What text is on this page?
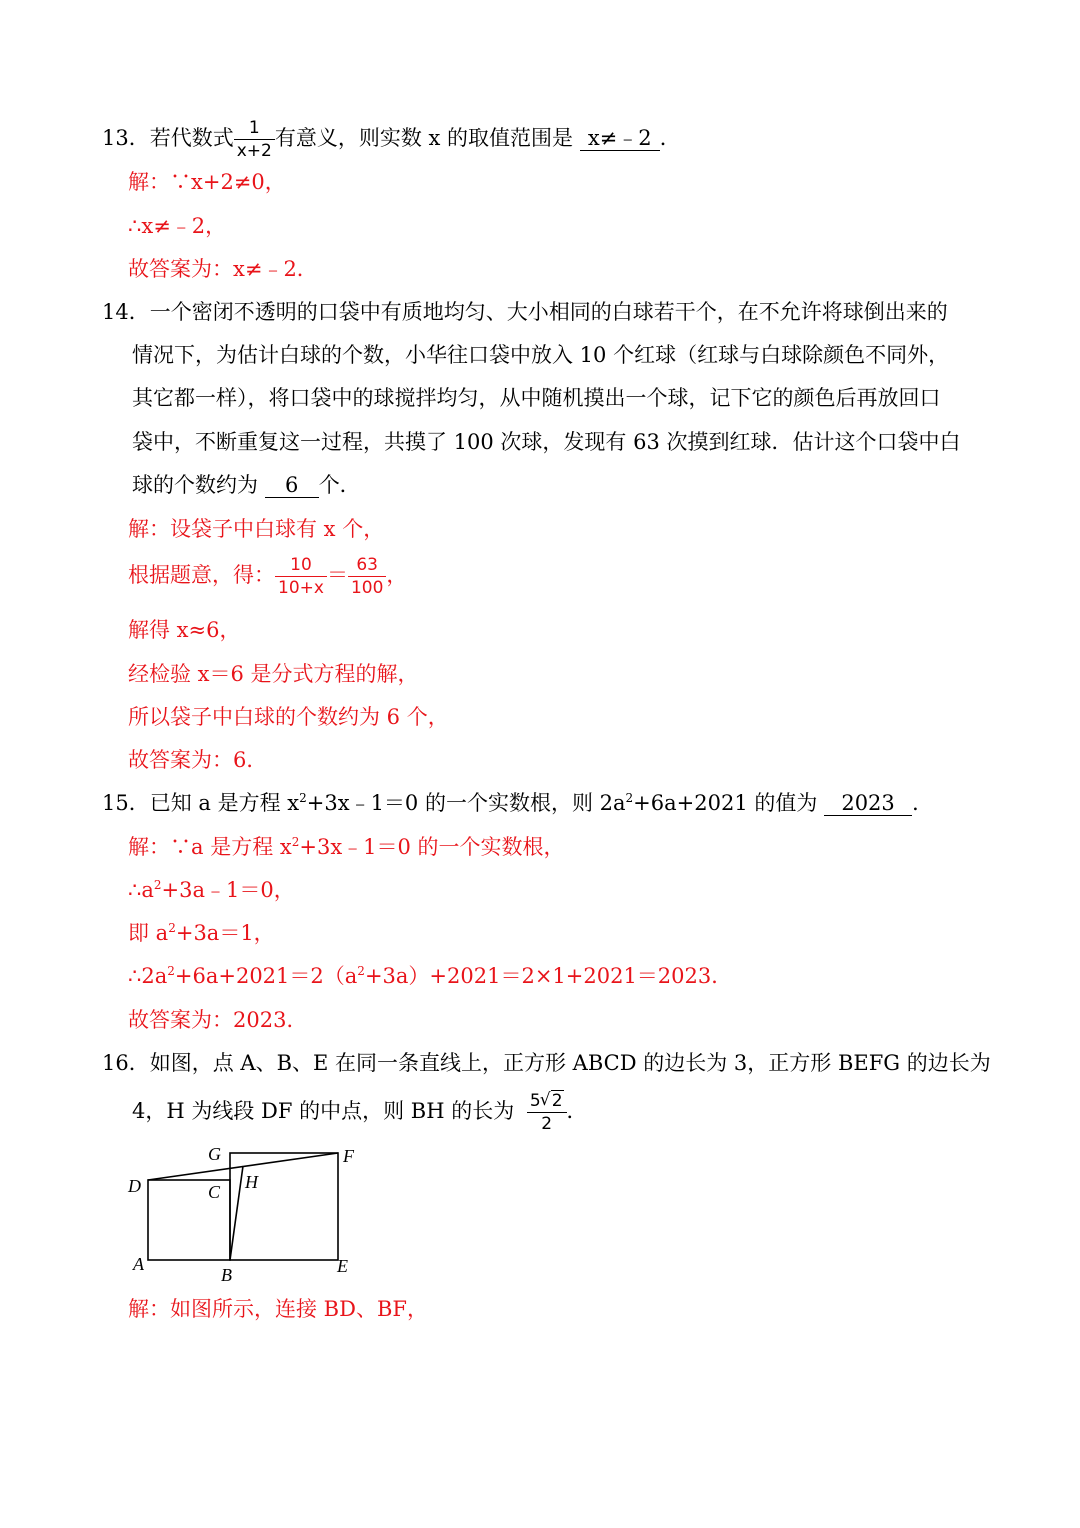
13．若代数式 $\frac{1}{x+2}$ 有意义，则实数 x 的取值范围是 x≠﹣2 ．
解：∵x+2≠0，
∴x≠﹣2，
故答案为：x≠﹣2．
14．一个密闭不透明的口袋中有质地均匀、大小相同的白球若干个，在不允许将球倒出来的
情况下，为估计白球的个数，小华往口袋中放入 10 个红球（红球与白球除颜色不同外，
其它都一样），将口袋中的球搅拌均匀，从中随机摸出一个球，记下它的颜色后再放回口
袋中，不断重复这一过程，共摸了 100 次球，发现有 63 次摸到红球．估计这个口袋中白
球的个数约为 6 个．
解：设袋子中白球有 x 个，
根据题意，得： $\frac{10}{10+x} = \frac{63}{100}$ ，
解得 x≈6，
经检验 x＝6 是分式方程的解，
所以袋子中白球的个数约为 6 个，
故答案为：6．
15．已知 a 是方程 $x^2+3x﹣1=0$ 的一个实数根，则 $2a^2+6a+2021$ 的值为 2023 ．
解：∵a 是方程 $x^2+3x﹣1=0$ 的一个实数根，
$\therefore a^2+3a﹣1=0$，
即 $a^2+3a=1$，
$\therefore 2a^2+6a+2021=2(a^2+3a)+2021=2\times 1+2021=2023$．
故答案为：2023．
16．如图，点 A、B、E 在同一条直线上，正方形 ABCD 的边长为 3，正方形 BEFG 的边长为
4，H 为线段 DF 的中点，则 BH 的长为 $\frac{5√ 2}{2}$ ．
G	F
D	C H
A
B	E
解：如图所示，连接 BD、BF，
